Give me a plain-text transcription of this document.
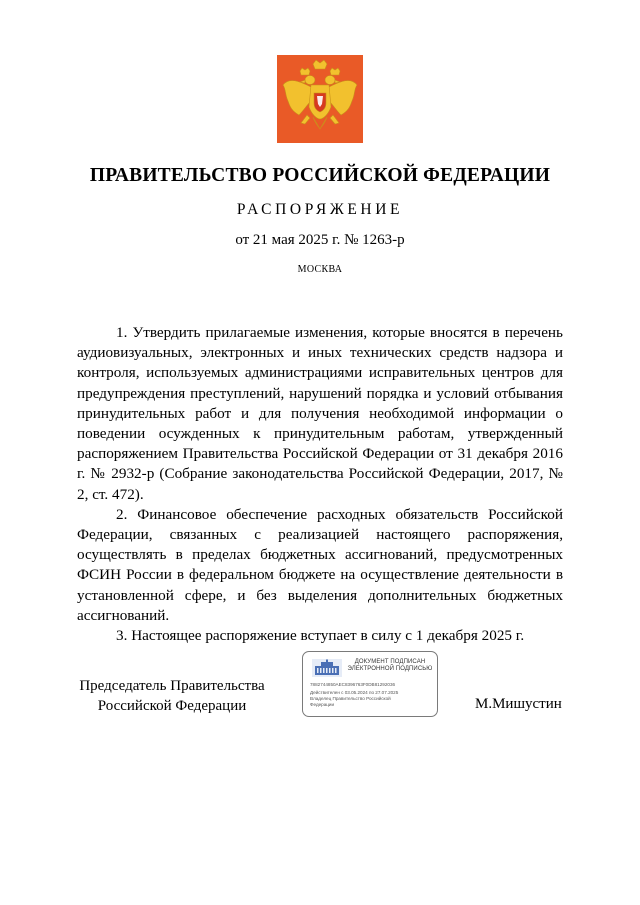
ПРАВИТЕЛЬСТВО РОССИЙСКОЙ ФЕДЕРАЦИИ
РАСПОРЯЖЕНИЕ
от 21 мая 2025 г. № 1263-р
МОСКВА

1. Утвердить прилагаемые изменения, которые вносятся в перечень аудиовизуальных, электронных и иных технических средств надзора и контроля, используемых администрациями исправительных центров для предупреждения преступлений, нарушений порядка и условий отбывания принудительных работ и для получения необходимой информации о поведении осужденных к принудительным работам, утвержденный распоряжением Правительства Российской Федерации от 31 декабря 2016 г. № 2932-р (Собрание законодательства Российской Федерации, 2017, № 2, ст. 472).

2. Финансовое обеспечение расходных обязательств Российской Федерации, связанных с реализацией настоящего распоряжения, осуществлять в пределах бюджетных ассигнований, предусмотренных ФСИН России в федеральном бюджете на осуществление деятельности в установленной сфере, и без выделения дополнительных бюджетных ассигнований.

3. Настоящее распоряжение вступает в силу с 1 декабря 2025 г.

Председатель Правительства
Российской Федерации
ДОКУМЕНТ ПОДПИСАН
ЭЛЕКТРОННОЙ ПОДПИСЬЮ
7882744850AEC8396763F0DB81292036
Действителен с 03.05.2024 по 27.07.2025
Владелец Правительство Российской
Федерации	М.Мишустин
